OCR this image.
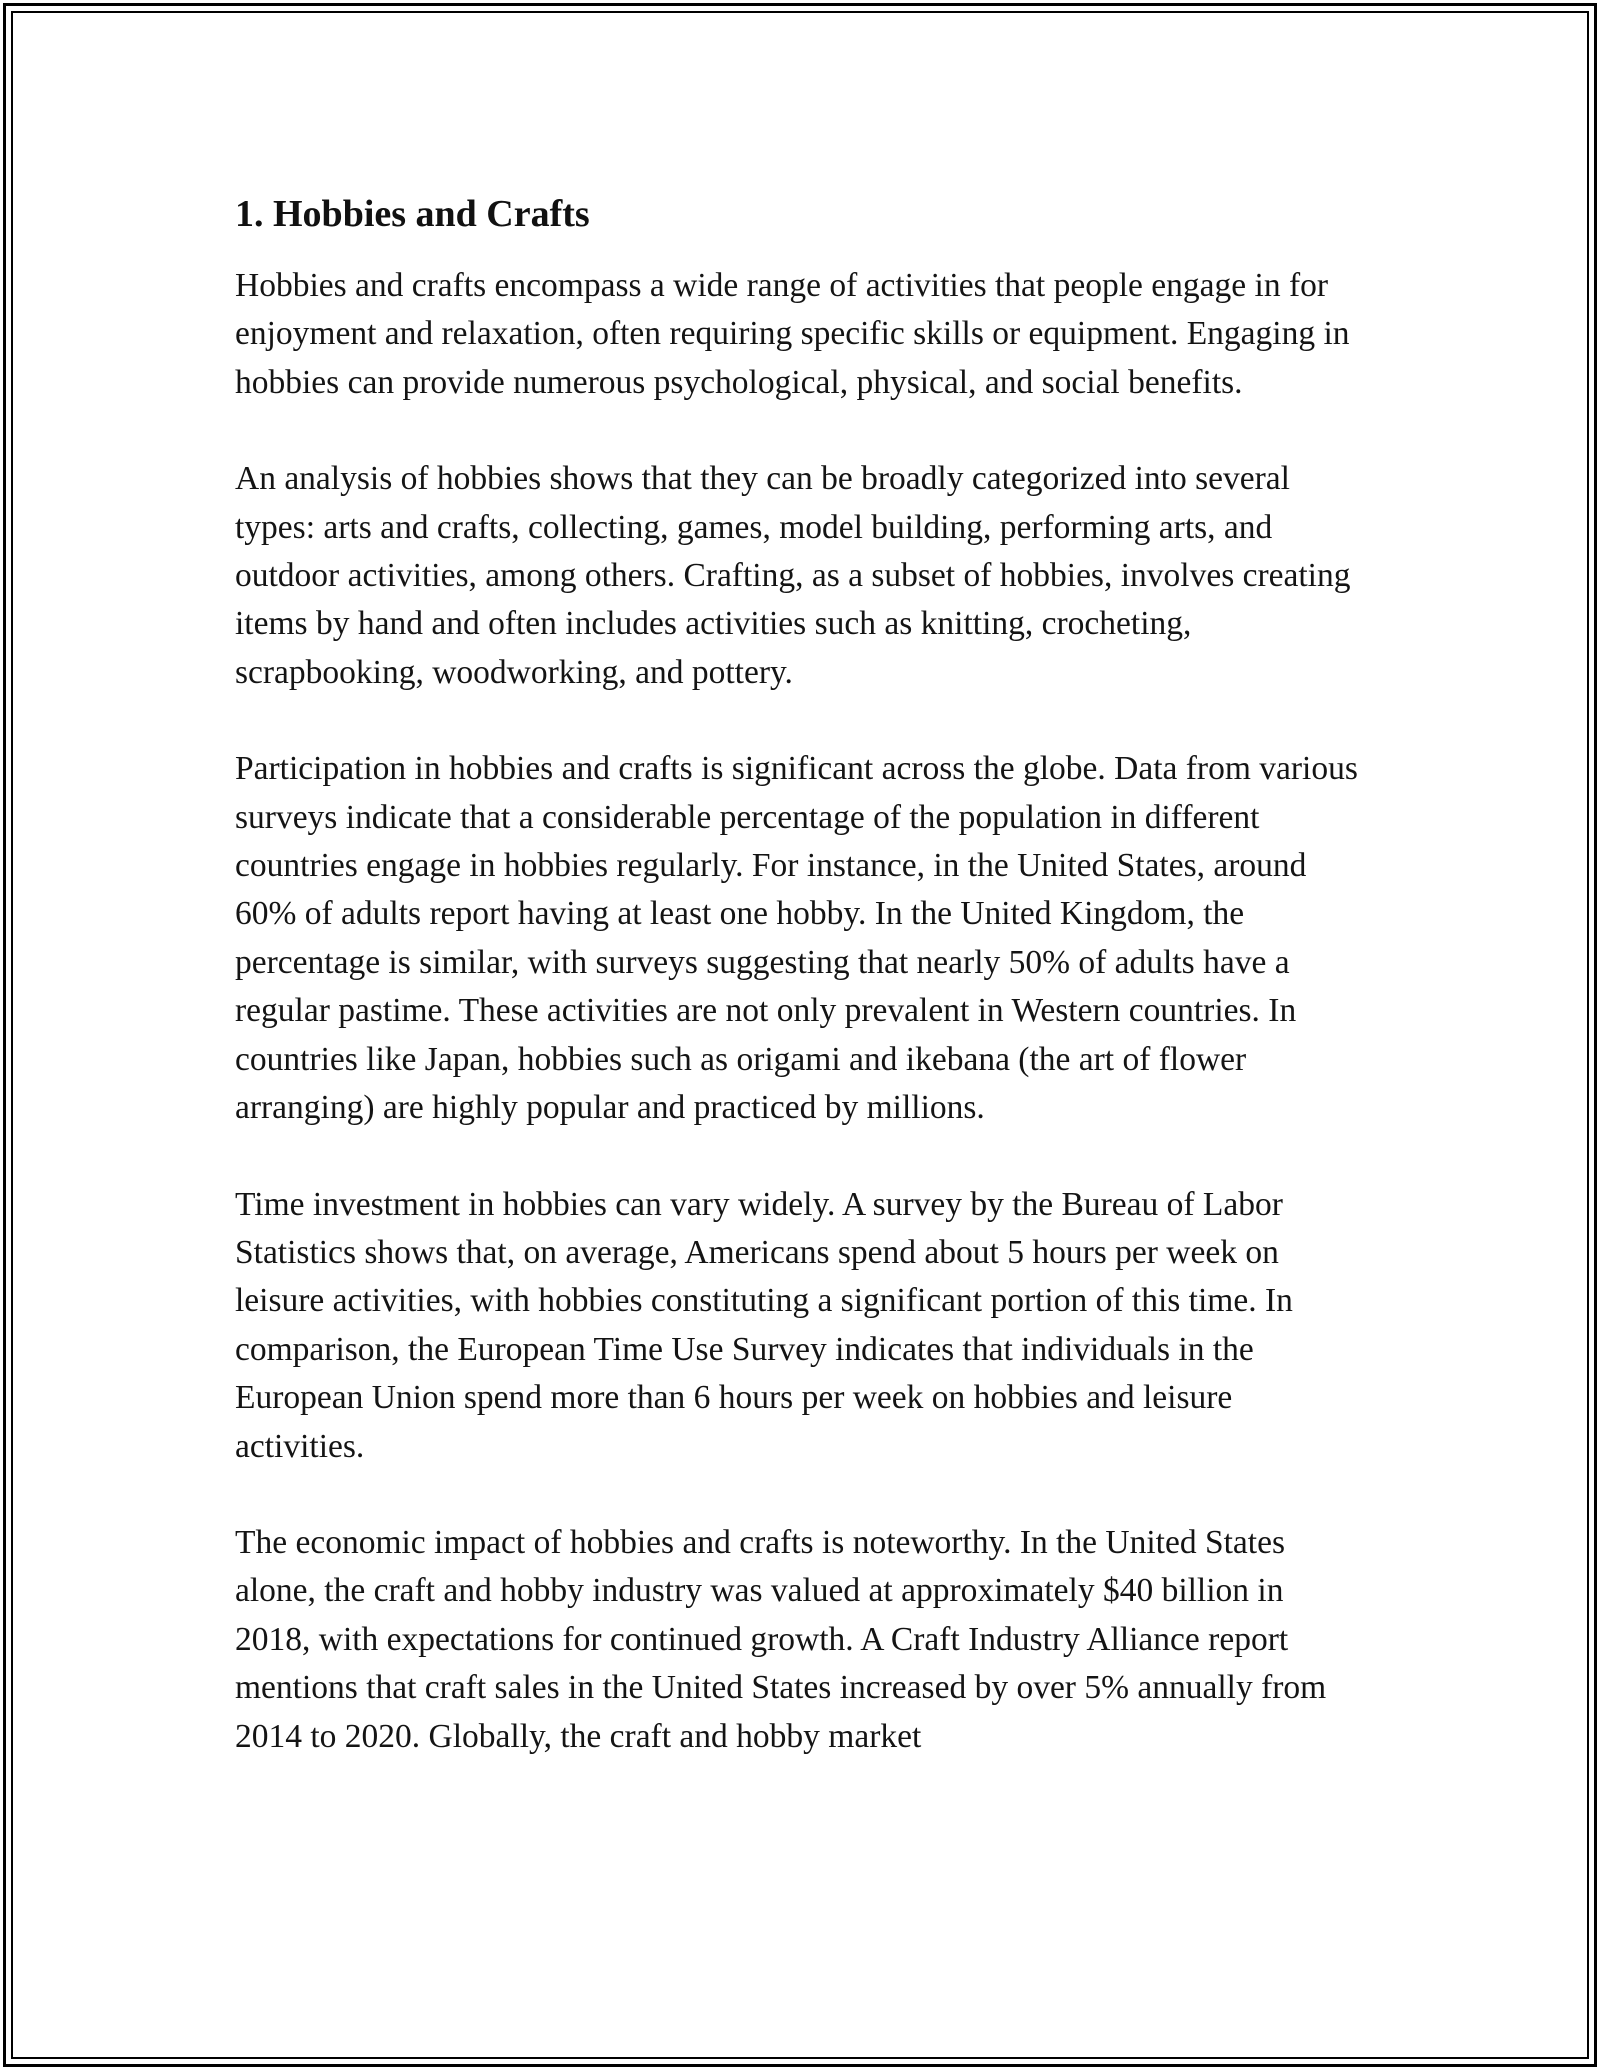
1. Hobbies and Crafts

Hobbies and crafts encompass a wide range of activities that people engage in for enjoyment and relaxation, often requiring specific skills or equipment. Engaging in hobbies can provide numerous psychological, physical, and social benefits.

An analysis of hobbies shows that they can be broadly categorized into several types: arts and crafts, collecting, games, model building, performing arts, and outdoor activities, among others. Crafting, as a subset of hobbies, involves creating items by hand and often includes activities such as knitting, crocheting, scrapbooking, woodworking, and pottery.

Participation in hobbies and crafts is significant across the globe. Data from various surveys indicate that a considerable percentage of the population in different countries engage in hobbies regularly. For instance, in the United States, around 60% of adults report having at least one hobby. In the United Kingdom, the percentage is similar, with surveys suggesting that nearly 50% of adults have a regular pastime. These activities are not only prevalent in Western countries. In countries like Japan, hobbies such as origami and ikebana (the art of flower arranging) are highly popular and practiced by millions.

Time investment in hobbies can vary widely. A survey by the Bureau of Labor Statistics shows that, on average, Americans spend about 5 hours per week on leisure activities, with hobbies constituting a significant portion of this time. In comparison, the European Time Use Survey indicates that individuals in the European Union spend more than 6 hours per week on hobbies and leisure activities.

The economic impact of hobbies and crafts is noteworthy. In the United States alone, the craft and hobby industry was valued at approximately $40 billion in 2018, with expectations for continued growth. A Craft Industry Alliance report mentions that craft sales in the United States increased by over 5% annually from 2014 to 2020. Globally, the craft and hobby market
